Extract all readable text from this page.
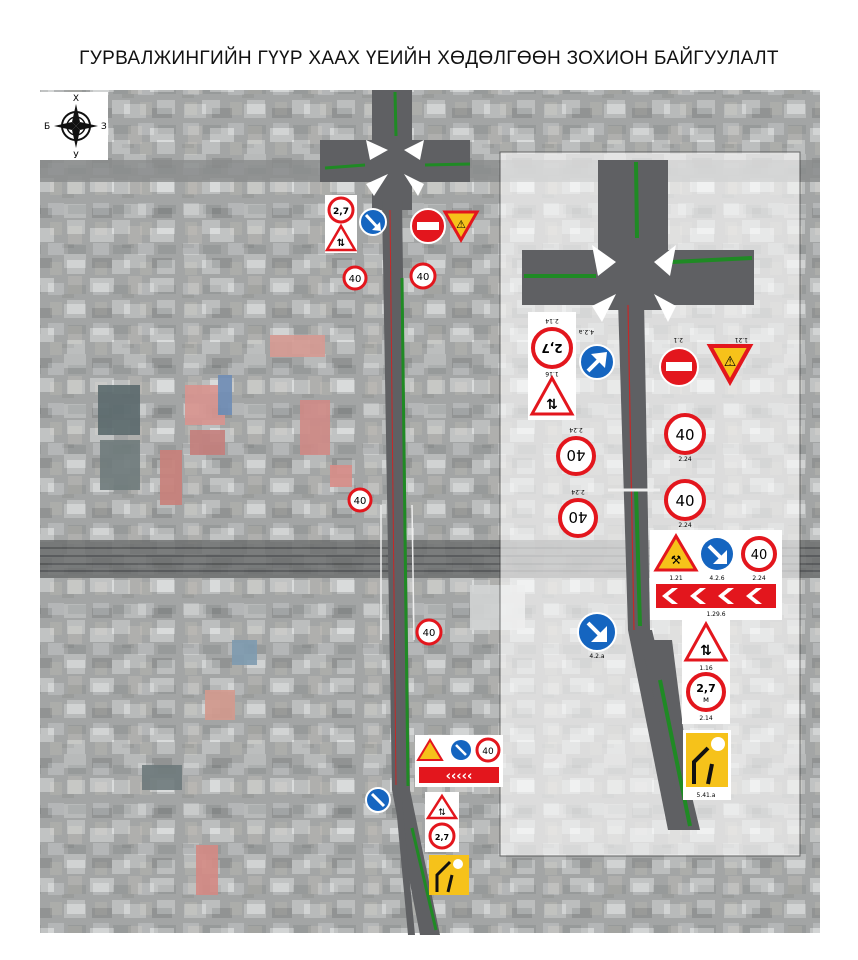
ГУРВАЛЖИНГИЙН ГҮҮР ХААХ ҮЕИЙН ХӨДӨЛГӨӨН ЗОХИОН БАЙГУУЛАЛТ
Х
У
Б	З
2,7
⇅
⚠
40	40
40
40
40
‹‹‹‹‹
⇅
2,7
2.14
2,7
1.16
⇅
4.2.а
2.1
⚠
1.21
40
2.24	40
2.24
40
2.24
40
2.24
⚒
1.21	4.2.6
40
2.24
1.29.6
4.2.а	⇅
1.16
2,7
м
2.14
5.41.а
